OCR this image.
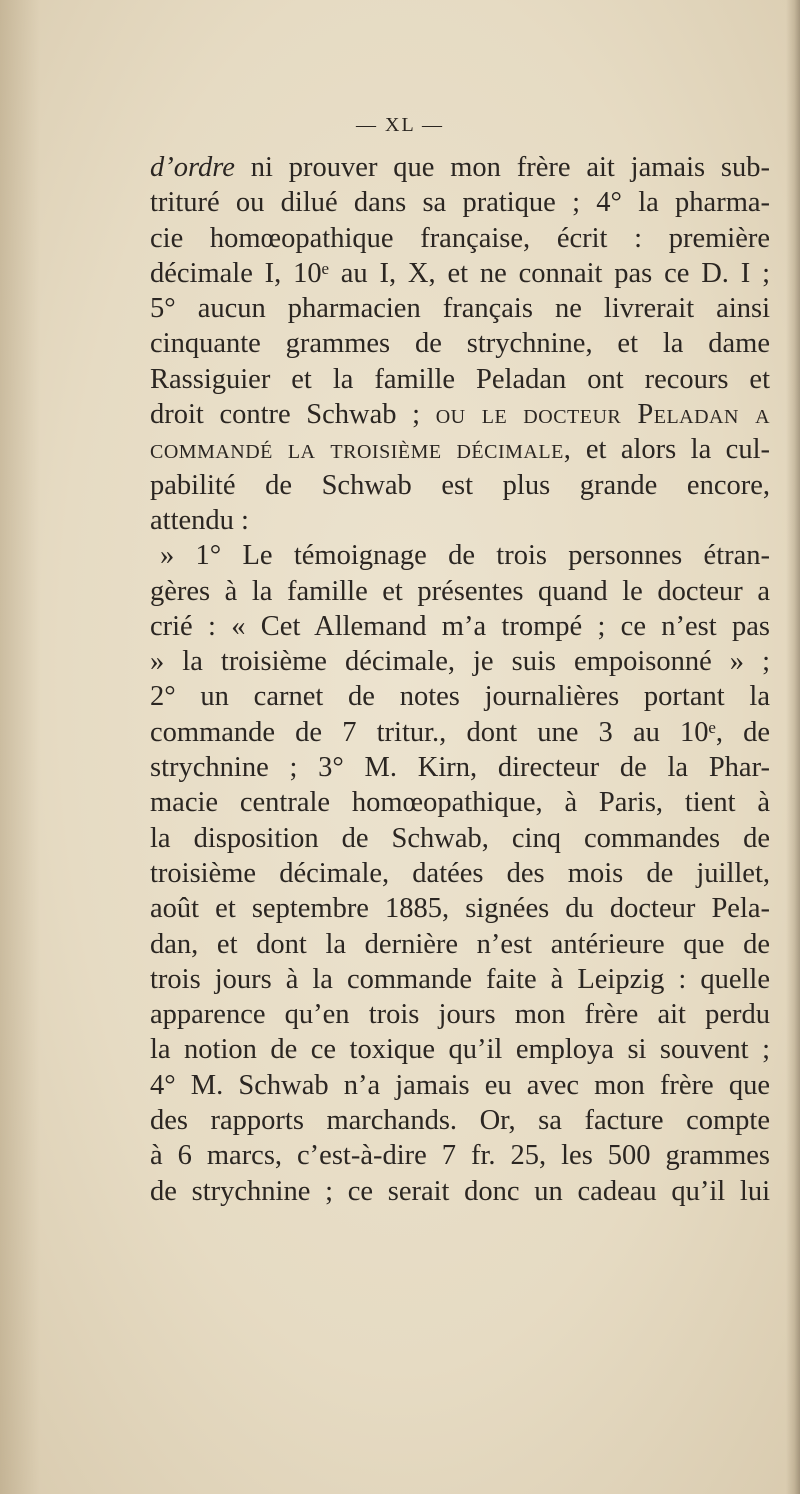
— XL —
d’ordre ni prouver que mon frère ait jamais sub-
trituré ou dilué dans sa pratique ; 4° la pharma-
cie homœopathique française, écrit : première
décimale I, 10ᵉ au I, X, et ne connait pas ce D. I ;
5° aucun pharmacien français ne livrerait ainsi
cinquante grammes de strychnine, et la dame
Rassiguier et la famille Peladan ont recours et
droit contre Schwab ; ou le docteur Peladan a
commandé la troisième décimale, et alors la cul-
pabilité de Schwab est plus grande encore,
attendu :
» 1° Le témoignage de trois personnes étran-
gères à la famille et présentes quand le docteur a
crié : « Cet Allemand m’a trompé ; ce n’est pas
» la troisième décimale, je suis empoisonné » ;
2° un carnet de notes journalières portant la
commande de 7 tritur., dont une 3 au 10ᵉ, de
strychnine ; 3° M. Kirn, directeur de la Phar-
macie centrale homœopathique, à Paris, tient à
la disposition de Schwab, cinq commandes de
troisième décimale, datées des mois de juillet,
août et septembre 1885, signées du docteur Pela-
dan, et dont la dernière n’est antérieure que de
trois jours à la commande faite à Leipzig : quelle
apparence qu’en trois jours mon frère ait perdu
la notion de ce toxique qu’il employa si souvent ;
4° M. Schwab n’a jamais eu avec mon frère que
des rapports marchands. Or, sa facture compte
à 6 marcs, c’est-à-dire 7 fr. 25, les 500 grammes
de strychnine ; ce serait donc un cadeau qu’il lui
